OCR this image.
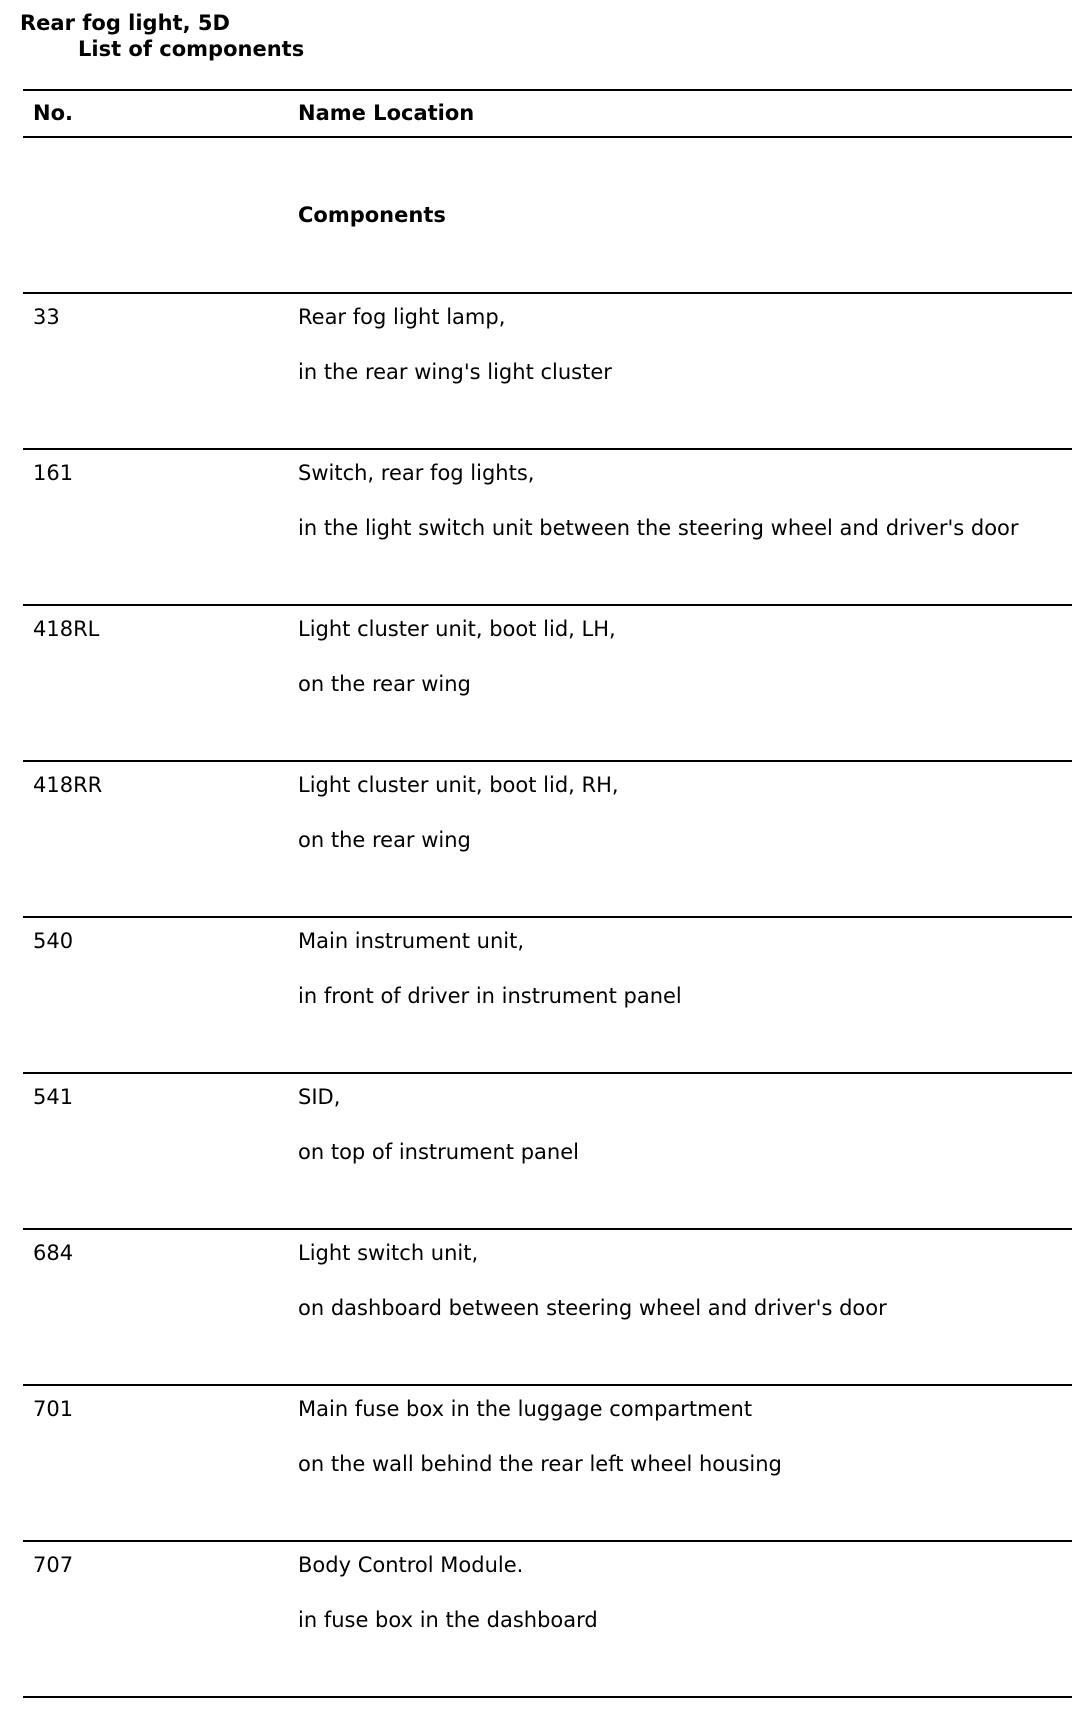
Rear fog light, 5D
List of components
No.	Name Location
Components
33	Rear fog light lamp,
in the rear wing's light cluster
161	Switch, rear fog lights,
in the light switch unit between the steering wheel and driver's door
418RL	Light cluster unit, boot lid, LH,
on the rear wing
418RR	Light cluster unit, boot lid, RH,
on the rear wing
540	Main instrument unit,
in front of driver in instrument panel
541	SID,
on top of instrument panel
684	Light switch unit,
on dashboard between steering wheel and driver's door
701	Main fuse box in the luggage compartment
on the wall behind the rear left wheel housing
707	Body Control Module.
in fuse box in the dashboard
